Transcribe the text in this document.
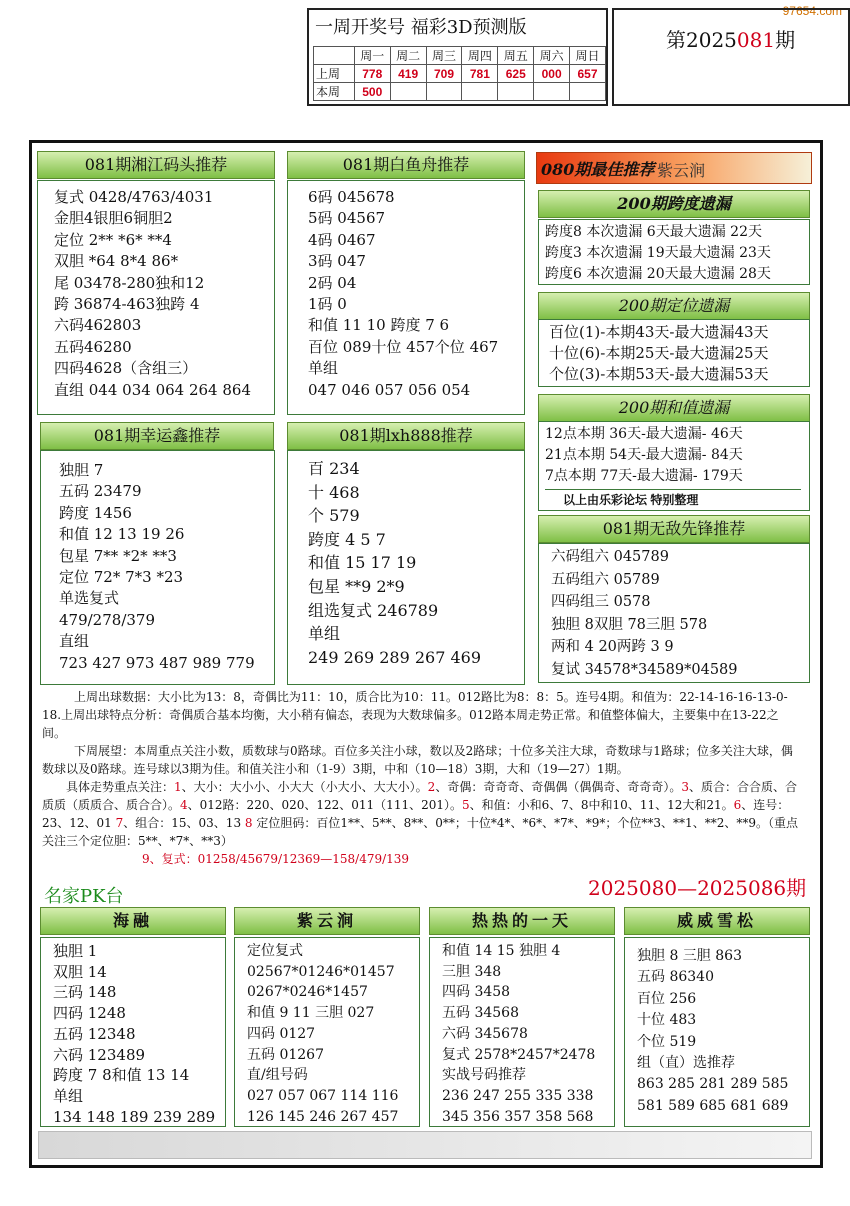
97654.com
一周开奖号 福彩3D预测版
	周一	周二	周三	周四	周五	周六	周日
上周	778	419	709	781	625	000	657
本周	500						
第2025081期
081期湘江码头推荐
复式 0428/4763/4031
金胆4银胆6铜胆2
定位 2** *6* **4
双胆 *64 8*4 86*
尾 03478-280独和12
跨 36874-463独跨 4
六码462803
五码46280
四码4628（含组三）
直组 044 034 064 264 864
081期白鱼舟推荐
6码 045678
5码 04567
4码 0467
3码 047
2码 04
1码 0
和值 11 10 跨度 7 6
百位 089十位 457个位 467
单组
047 046 057 056 054
081期幸运鑫推荐
独胆 7
五码 23479
跨度 1456
和值 12 13 19 26
包星 7** *2* **3
定位 72* 7*3 *23
单选复式
479/278/379
直组
723 427 973 487 989 779
081期lxh888推荐
百 234
十 468
个 579
跨度 4 5 7
和值 15 17 19
包星 **9 2*9
组选复式 246789
单组
249 269 289 267 469
080期最佳推荐 紫云涧
200期跨度遗漏
跨度8 本次遗漏 6天最大遗漏 22天
跨度3 本次遗漏 19天最大遗漏 23天
跨度6 本次遗漏 20天最大遗漏 28天
200期定位遗漏
百位(1)-本期43天-最大遗漏43天
十位(6)-本期25天-最大遗漏25天
个位(3)-本期53天-最大遗漏53天
200期和值遗漏
12点本期 36天-最大遗漏- 46天
21点本期 54天-最大遗漏- 84天
7点本期 77天-最大遗漏- 179天
以上由乐彩论坛 特别整理
081期无敌先锋推荐
六码组六 045789
五码组六 05789
四码组三 0578
独胆 8双胆 78三胆 578
两和 4 20两跨 3 9
复试 34578*34589*04589

上周出球数据：大小比为13：8，奇偶比为11：10，质合比为10：11。012路比为8：8：5。连号4期。和值为：22-14-16-16-13-0-18.上周出球特点分析：奇偶质合基本均衡，大小稍有偏态，表现为大数球偏多。012路本周走势正常。和值整体偏大，主要集中在13-22之间。

下周展望：本周重点关注小数，质数球与0路球。百位多关注小球，数以及2路球；十位多关注大球，奇数球与1路球；位多关注大球，偶数球以及0路球。连号球以3期为佳。和值关注小和（1-9）3期，中和（10—18）3期，大和（19—27）1期。

具体走势重点关注：1、大小：大小小、小大大（小大小、大大小）。2、奇偶：奇奇奇、奇偶偶（偶偶奇、奇奇奇）。3、质合：合合质、合质质（质质合、质合合）。4、012路：220、020、122、011（111、201）。5、和值：小和6、7、8中和10、11、12大和21。6、连号：23、12、01 7、组合：15、03、13 8 定位胆码：百位1**、5**、8**、0**；十位*4*、*6*、*7*、*9*；个位**3、**1、**2、**9。（重点关注三个定位胆：5**、*7*、**3）

9、复式：01258/45679/12369—158/479/139

名家PK台	2025080—2025086期
海融
独胆 1
双胆 14
三码 148
四码 1248
五码 12348
六码 123489
跨度 7 8和值 13 14
单组
134 148 189 239 289
紫云涧
定位复式
02567*01246*01457
0267*0246*1457
和值 9 11 三胆 027
四码 0127
五码 01267
直/组号码
027 057 067 114 116
126 145 246 267 457
热热的一天
和值 14 15 独胆 4
三胆 348
四码 3458
五码 34568
六码 345678
复式 2578*2457*2478
实战号码推荐
236 247 255 335 338
345 356 357 358 568
威威雪松
独胆 8 三胆 863
五码 86340
百位 256
十位 483
个位 519
组（直）选推荐
863 285 281 289 585
581 589 685 681 689
